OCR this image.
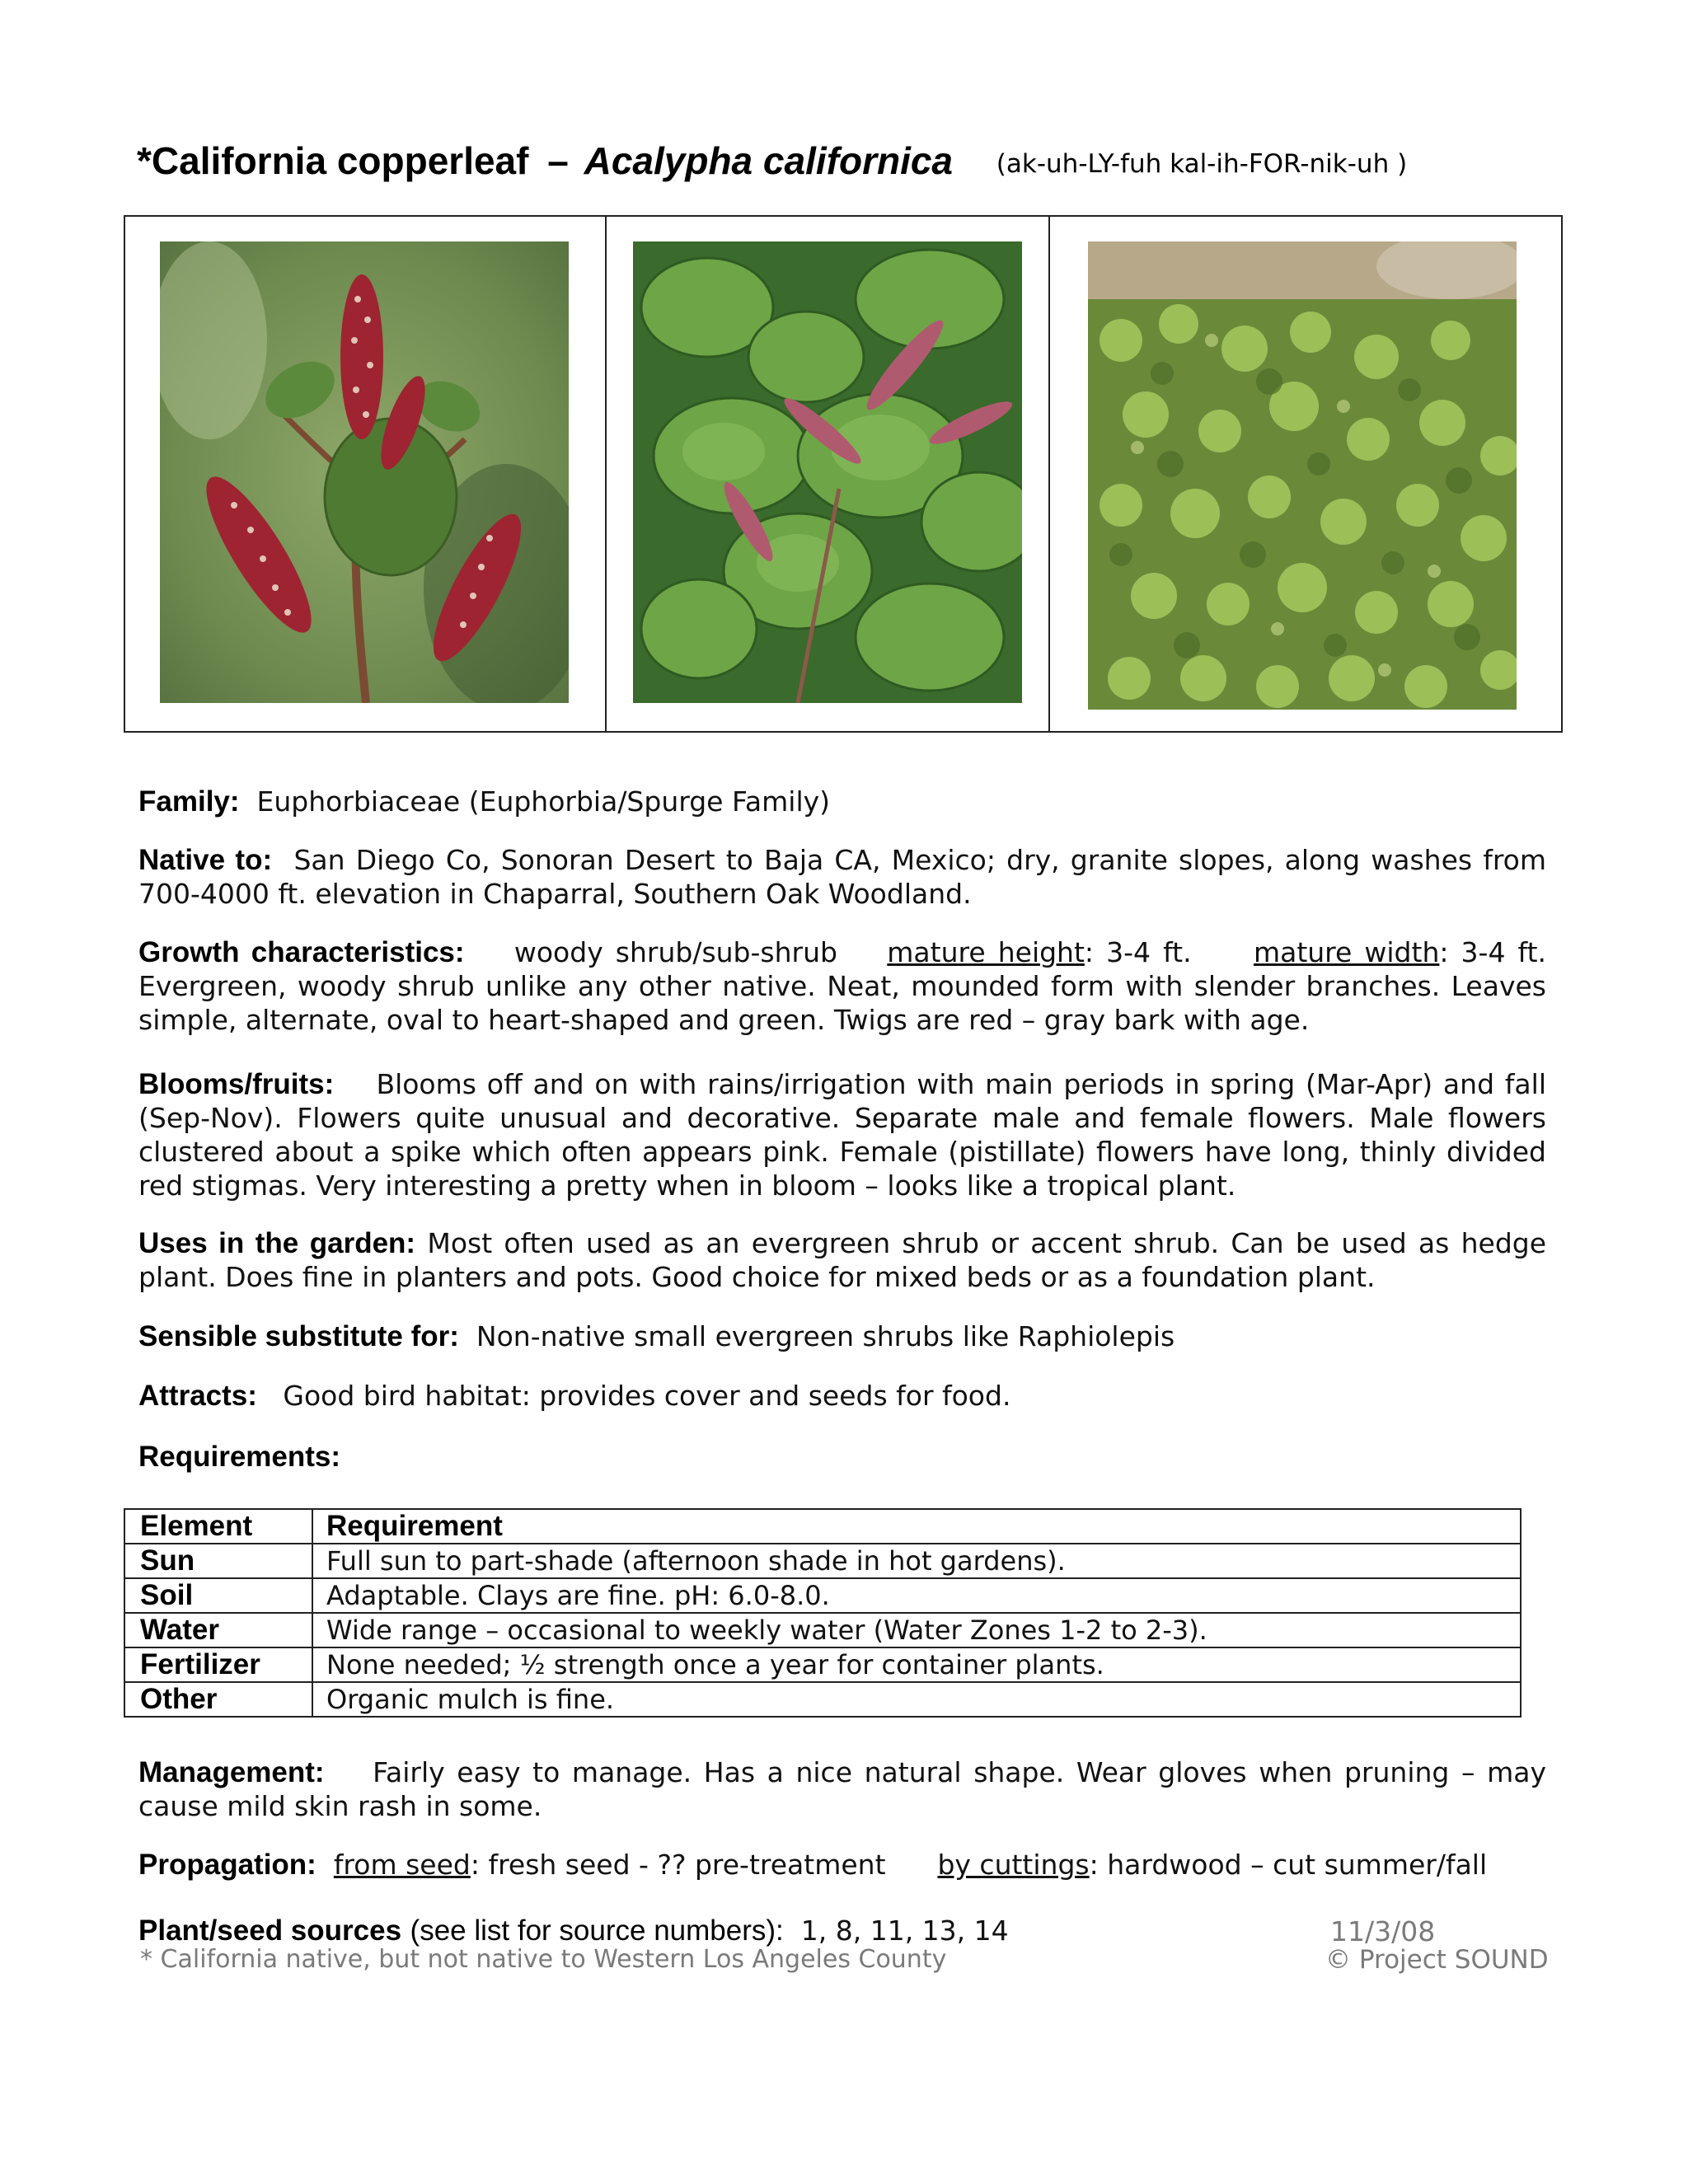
*California copperleaf – Acalypha californica (ak-uh-LY-fuh kal-ih-FOR-nik-uh )
Family: Euphorbiaceae (Euphorbia/Spurge Family)
Native to: San Diego Co, Sonoran Desert to Baja CA, Mexico; dry, granite slopes, along washes from 700-4000 ft. elevation in Chaparral, Southern Oak Woodland.
Growth characteristics: woody shrub/sub-shrub mature height: 3-4 ft. mature width: 3-4 ft. Evergreen, woody shrub unlike any other native. Neat, mounded form with slender branches. Leaves simple, alternate, oval to heart-shaped and green. Twigs are red – gray bark with age.
Blooms/fruits: Blooms off and on with rains/irrigation with main periods in spring (Mar-Apr) and fall (Sep-Nov). Flowers quite unusual and decorative. Separate male and female flowers. Male flowers clustered about a spike which often appears pink. Female (pistillate) flowers have long, thinly divided red stigmas. Very interesting a pretty when in bloom – looks like a tropical plant.
Uses in the garden: Most often used as an evergreen shrub or accent shrub. Can be used as hedge plant. Does fine in planters and pots. Good choice for mixed beds or as a foundation plant.
Sensible substitute for: Non-native small evergreen shrubs like Raphiolepis
Attracts: Good bird habitat: provides cover and seeds for food.
Requirements:
Element	Requirement
Sun	Full sun to part-shade (afternoon shade in hot gardens).
Soil	Adaptable. Clays are fine. pH: 6.0-8.0.
Water	Wide range – occasional to weekly water (Water Zones 1-2 to 2-3).
Fertilizer	None needed; ½ strength once a year for container plants.
Other	Organic mulch is fine.
Management: Fairly easy to manage. Has a nice natural shape. Wear gloves when pruning – may cause mild skin rash in some.
Propagation: from seed: fresh seed - ?? pre-treatment by cuttings: hardwood – cut summer/fall
Plant/seed sources (see list for source numbers): 1, 8, 11, 13, 14	11/3/08
* California native, but not native to Western Los Angeles County	© Project SOUND
